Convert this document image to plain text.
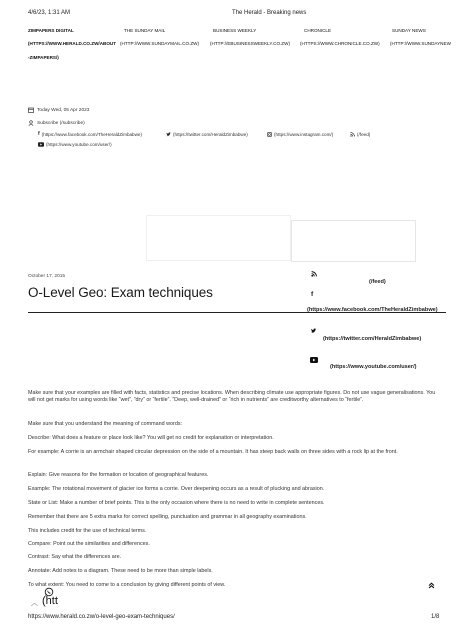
4/6/23, 1:31 AM	The Herald - Breaking news
ZIMPAPERS DIGITAL
(HTTPS://WWW.HERALD.CO.ZW/ABOUT
-ZIMPAPERS/)
THE SUNDAY MAIL
(HTTP://WWW.SUNDAYMAIL.CO.ZW)
BUSINESS WEEKLY
(HTTP://EBUSINESSWEEKLY.CO.ZW)
CHRONICLE
(HTTPS://WWW.CHRONICLE.CO.ZW)
SUNDAY NEWS
(HTTP://WWW.SUNDAYNEW
Today Wed, 05 Apr 2023
Subscribe (/subscribe)
f (https://www.facebook.com/TheHeraldZimbabwe)	(https://twitter.com/HeraldZimbabwe)	(https://www.instagram.com/)	(/feed)
(https://www.youtube.com/user/)
October 17, 2015
O-Level Geo: Exam techniques
(/feed)
f
(https://www.facebook.com/TheHeraldZimbabwe)
(https://twitter.com/HeraldZimbabwe)
(https://www.youtube.com/user/)
Make sure that your examples are filled with facts, statistics and precise locations. When describing climate use appropriate figures. Do not use vague generalisations. You will not get marks for using words like “wet”, ”dry” or “fertile”. ”Deep, well-drained” or “rich in nutrients” are creditworthy alternatives to “fertile”.
Make sure that you understand the meaning of command words:
Describe: What does a feature or place look like? You will get no credit for explanation or interpretation.
For example: A corrie is an armchair shaped circular depression on the side of a mountain. It has steep back walls on three sides with a rock lip at the front.
Explain: Give reasons for the formation or location of geographical features.
Example: The rotational movement of glacier ice forms a corrie. Over deepening occurs as a result of plucking and abrasion.
State or List: Make a number of brief points. This is the only occasion where there is no need to write in complete sentences.
Remember that there are 5 extra marks for correct spelling, punctuation and grammar in all geography examinations.
This includes credit for the use of technical terms.
Compare: Point out the similarities and differences.
Contrast: Say what the differences are.
Annotate: Add notes to a diagram. These need to be more than simple labels.
To what extent: You need to come to a conclusion by giving different points of view.
︿ (htt
https://www.herald.co.zw/o-level-geo-exam-techniques/	1/8
